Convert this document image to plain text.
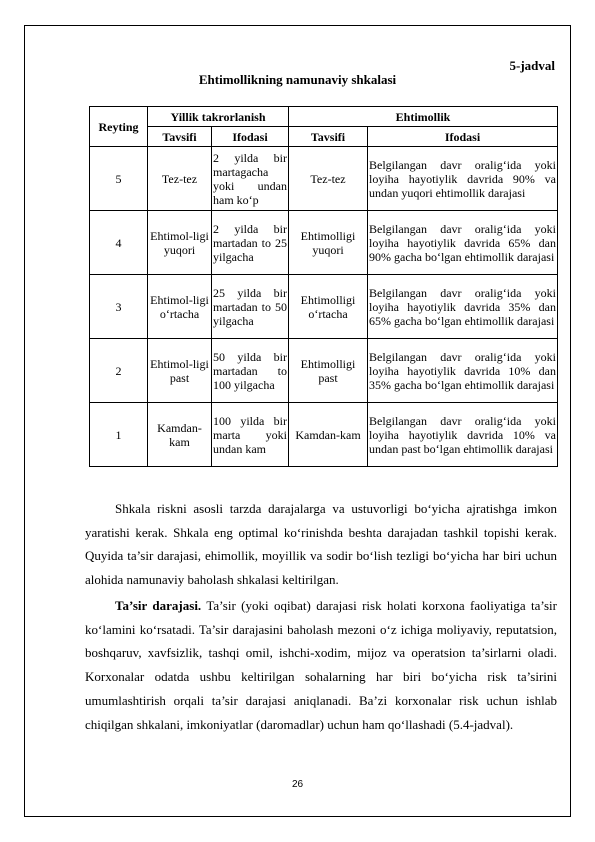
5-jadval
Ehtimollikning namunaviy shkalasi
Reyting	Yillik takrorlanish		Ehtimollik	
	Tavsifi	Ifodasi	Tavsifi	Ifodasi
5	Tez-tez	2 yilda bir martagacha yoki undan ham ko‘p	Tez-tez	Belgilangan davr oralig‘ida yoki loyiha hayotiylik davrida 90% va undan yuqori ehtimollik darajasi
4	Ehtimol-ligi yuqori	2 yilda bir martadan to 25 yilgacha	Ehtimolligi yuqori	Belgilangan davr oralig‘ida yoki loyiha hayotiylik davrida 65% dan 90% gacha bo‘lgan ehtimollik darajasi
3	Ehtimol-ligi o‘rtacha	25 yilda bir martadan to 50 yilgacha	Ehtimolligi o‘rtacha	Belgilangan davr oralig‘ida yoki loyiha hayotiylik davrida 35% dan 65% gacha bo‘lgan ehtimollik darajasi
2	Ehtimol-ligi past	50 yilda bir martadan to 100 yilgacha	Ehtimolligi past	Belgilangan davr oralig‘ida yoki loyiha hayotiylik davrida 10% dan 35% gacha bo‘lgan ehtimollik darajasi
1	Kamdan-kam	100 yilda bir marta yoki undan kam	Kamdan-kam	Belgilangan davr oralig‘ida yoki loyiha hayotiylik davrida 10% va undan past bo‘lgan ehtimollik darajasi
Shkala riskni asosli tarzda darajalarga va ustuvorligi bo‘yicha ajratishga imkon yaratishi kerak. Shkala eng optimal ko‘rinishda beshta darajadan tashkil topishi kerak. Quyida ta’sir darajasi, ehimollik, moyillik va sodir bo‘lish tezligi bo‘yicha har biri uchun alohida namunaviy baholash shkalasi keltirilgan.
Ta’sir darajasi. Ta’sir (yoki oqibat) darajasi risk holati korxona faoliyatiga ta’sir ko‘lamini ko‘rsatadi. Ta’sir darajasini baholash mezoni o‘z ichiga moliyaviy, reputatsion, boshqaruv, xavfsizlik, tashqi omil, ishchi-xodim, mijoz va operatsion ta’sirlarni oladi. Korxonalar odatda ushbu keltirilgan sohalarning har biri bo‘yicha risk ta’sirini umumlashtirish orqali ta’sir darajasi aniqlanadi. Ba’zi korxonalar risk uchun ishlab chiqilgan shkalani, imkoniyatlar (daromadlar) uchun ham qo‘llashadi (5.4-jadval).
26
